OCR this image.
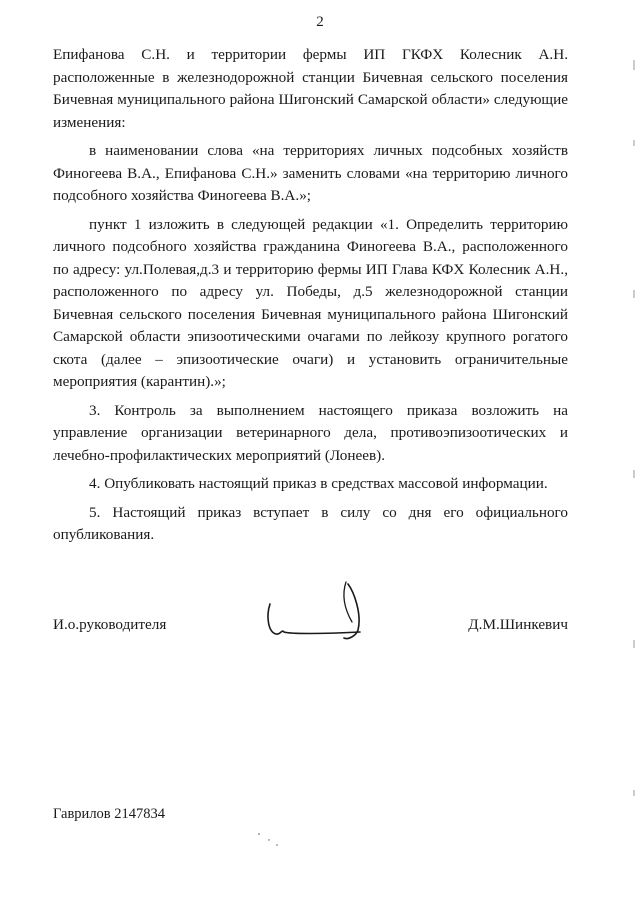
2

Епифанова С.Н. и территории фермы ИП ГКФХ Колесник А.Н. расположенные в железнодорожной станции Бичевная сельского поселения Бичевная муниципального района Шигонский Самарской области» следующие изменения:

в наименовании слова «на территориях личных подсобных хозяйств Финогеева В.А., Епифанова С.Н.» заменить словами «на территорию личного подсобного хозяйства Финогеева В.А.»;

пункт 1 изложить в следующей редакции «1. Определить территорию личного подсобного хозяйства гражданина Финогеева В.А., расположенного по адресу: ул.Полевая,д.3 и территорию фермы ИП Глава КФХ Колесник А.Н., расположенного по адресу ул. Победы, д.5 железнодорожной станции Бичевная сельского поселения Бичевная муниципального района Шигонский Самарской области эпизоотическими очагами по лейкозу крупного рогатого скота (далее – эпизоотические очаги) и установить ограничительные мероприятия (карантин).»;

3. Контроль за выполнением настоящего приказа возложить на управление организации ветеринарного дела, противоэпизоотических и лечебно-профилактических мероприятий (Лонеев).

4. Опубликовать настоящий приказ в средствах массовой информации.

5. Настоящий приказ вступает в силу со дня его официального опубликования.

И.о.руководителя	Д.М.Шинкевич
Гаврилов 2147834
